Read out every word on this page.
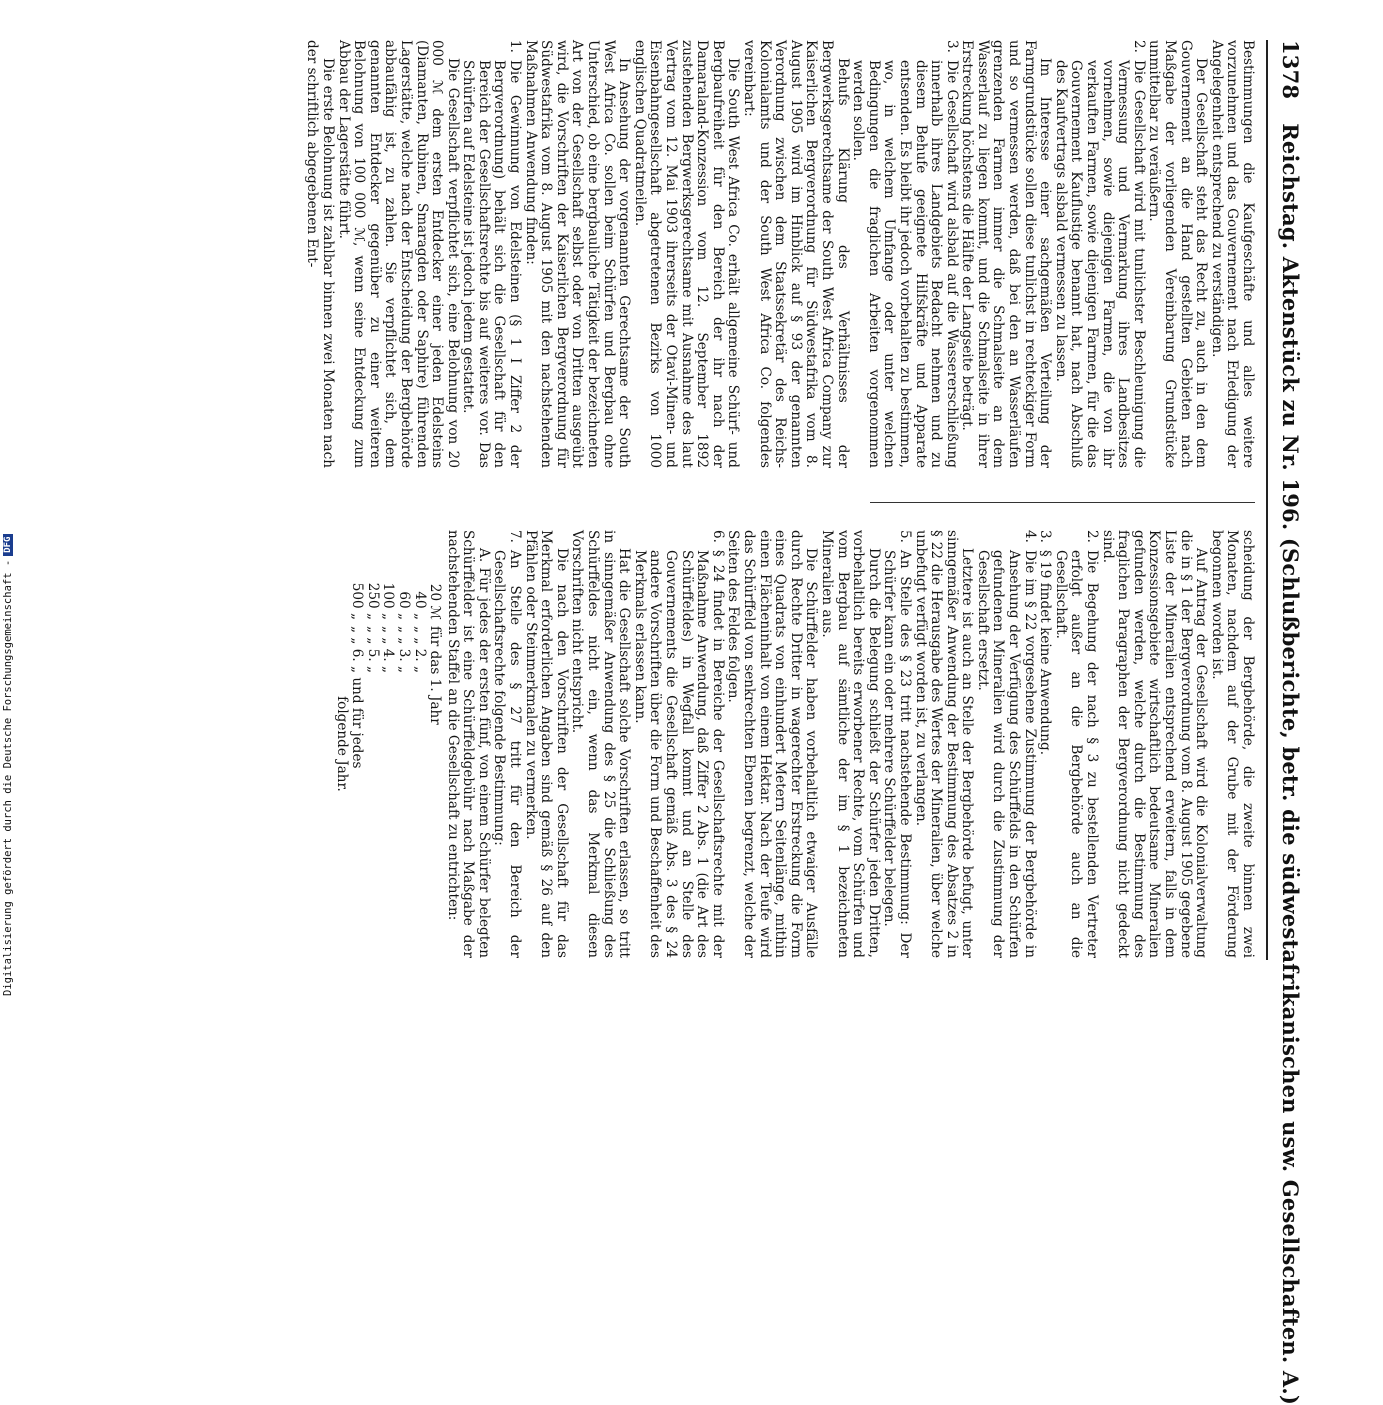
1378
Reichstag. Aktenstück zu Nr. 196. (Schlußberichte, betr. die südwestafrikanischen usw. Gesellschaften. A.)

Bestimmungen die Kaufgeschäfte und alles weitere vorzunehmen und das Gouvernement nach Erledigung der Angelegenheit entsprechend zu verständigen.

Der Gesellschaft steht das Recht zu, auch in den dem Gouvernement an die Hand gestellten Gebieten nach Maßgabe der vorliegenden Vereinbarung Grundstücke unmittelbar zu veräußern.

2.
Die Gesellschaft wird mit tunlichster Beschleunigung die Vermessung und Vermarkung ihres Landbesitzes vornehmen, sowie diejenigen Farmen, die von ihr verkauften Farmen, sowie diejenigen Farmen, für die das Gouvernement Kauflustige benannt hat, nach Abschluß des Kaufvertrags alsbald vermessen zu lassen.

Im Interesse einer sachgemäßen Verteilung der Farmgrundstücke sollen diese tunlichst in rechteckiger Form und so vermessen werden, daß bei den an Wasserläufen grenzenden Farmen immer die Schmalseite an dem Wasserlauf zu liegen kommt, und die Schmalseite in ihrer Erstreckung höchstens die Hälfte der Langseite beträgt.

3.
Die Gesellschaft wird alsbald auf die Wassererschließung innerhalb ihres Landgebiets Bedacht nehmen und zu diesem Behufe geeignete Hilfskräfte und Apparate entsenden. Es bleibt ihr jedoch vorbehalten zu bestimmen, wo, in welchem Umfange oder unter welchen Bedingungen die fraglichen Arbeiten vorgenommen werden sollen.

Behufs Klärung des Verhältnisses der Bergwerksgerechtsame der South West Africa Company zur Kaiserlichen Bergverordnung für Südwestafrika vom 8. August 1905 wird im Hinblick auf § 93 der genannten Verordnung zwischen dem Staatssekretär des Reichs-Kolonialamts und der South West Africa Co. folgendes vereinbart:

Die South West Africa Co. erhält allgemeine Schürf- und Bergbaufreiheit für den Bereich der ihr nach der Damaraland-Konzession vom 12. September 1892 zustehenden Bergwerksgerechtsame mit Ausnahme des laut Vertrag vom 12. Mai 1903 ihrerseits der Otavi-Minen- und Eisenbahngesellschaft abgetretenen Bezirks von 1000 englischen Quadratmeilen.

In Ansehung der vorgenannten Gerechtsame der South West Africa Co. sollen beim Schürfen und Bergbau ohne Unterschied, ob eine bergbauliche Tätigkeit der bezeichneten Art von der Gesellschaft selbst oder von Dritten ausgeübt wird, die Vorschriften der Kaiserlichen Bergverordnung für Südwestafrika vom 8. August 1905 mit den nachstehenden Maßnahmen Anwendung finden:

1.
Die Gewinnung von Edelsteinen (§ 1 I Ziffer 2 der Bergverordnung) behält sich die Gesellschaft für den Bereich der Gesellschaftsrechte bis auf weiteres vor. Das Schürfen auf Edelsteine ist jedoch jedem gestattet.

Die Gesellschaft verpflichtet sich, eine Belohnung von 20 000 ℳ dem ersten Entdecker einer jeden Edelsteins (Diamanten, Rubinen, Smaragden oder Saphire) führenden Lagerstätte, welche nach der Entscheidung der Bergbehörde abbaufähig ist, zu zahlen. Sie verpflichtet sich, dem genannten Entdecker gegenüber zu einer weiteren Belohnung von 100 000 ℳ, wenn seine Entdeckung zum Abbau der Lagerstätte führt.

Die erste Belohnung ist zahlbar binnen zwei Monaten nach der schriftlich abgegebenen Ent-

scheidung der Bergbehörde, die zweite binnen zwei Monaten, nachdem auf der Grube mit der Förderung begonnen worden ist.

Auf Antrag der Gesellschaft wird die Kolonialverwaltung die in § 1 der Bergverordnung vom 8. August 1905 gegebene Liste der Mineralien entsprechend erweitern, falls in dem Konzessionsgebiete wirtschaftlich bedeutsame Mineralien gefunden werden, welche durch die Bestimmung des fraglichen Paragraphen der Bergverordnung nicht gedeckt sind.

2.
Die Begehung der nach § 3 zu bestellenden Vertreter erfolgt außer an die Bergbehörde auch an die Gesellschaft.
3.
§ 19 findet keine Anwendung.
4.
Die im § 22 vorgesehene Zustimmung der Bergbehörde in Ansehung der Verfügung des Schürffelds in den Schürfen gefundenen Mineralien wird durch die Zustimmung der Gesellschaft ersetzt.

Letztere ist auch an Stelle der Bergbehörde befugt, unter sinngemäßer Anwendung der Bestimmung des Absatzes 2 in § 22 die Herausgabe des Wertes der Mineralien, über welche unbefugt verfügt worden ist, zu verlangen.

5.
An Stelle des § 23 tritt nachstehende Bestimmung: Der Schürfer kann ein oder mehrere Schürffelder belegen.

Durch die Belegung schließt der Schürfer jeden Dritten, vorbehaltlich bereits erworbener Rechte, vom Schürfen und vom Bergbau auf sämtliche der im § 1 bezeichneten Mineralien aus.

Die Schürffelder haben vorbehaltlich etwaiger Ausfälle durch Rechte Dritter in wagerechter Erstreckung die Form eines Quadrats von einhundert Metern Seitenlänge, mithin einen Flächeninhalt von einem Hektar. Nach der Teufe wird das Schürffeld von senkrechten Ebenen begrenzt, welche der Seiten des Feldes folgen.

6.
§ 24 findet in Bereiche der Gesellschaftsrechte mit der Maßnahme Anwendung, daß Ziffer 2 Abs. 1 (die Art des Schürffeldes) in Wegfall kommt und an Stelle des Gouvernements die Gesellschaft gemäß Abs. 3 des § 24 andere Vorschriften über die Form und Beschaffenheit des Merkmals erlassen kann.

Hat die Gesellschaft solche Vorschriften erlassen, so tritt in sinngemäßer Anwendung des § 25 die Schließung des Schürffeldes nicht ein, wenn das Merkmal diesen Vorschriften nicht entspricht.

Die nach den Vorschriften der Gesellschaft für das Merkmal erforderlichen Angaben sind gemäß § 26 auf den Pfählen oder Steinmerkmalen zu vermerken.

7.
An Stelle des § 27 tritt für den Bereich der Gesellschaftsrechte folgende Bestimmung:

A. Für jedes der ersten fünf, von einem Schürfer belegten Schürffelder ist eine Schürffeldgebühr nach Maßgabe der nachstehenden Staffel an die Gesellschaft zu entrichten:

20 ℳ
für das 1. Jahr
40 „
„ „ 2. „
60 „
„ „ 3. „
100 „
„ „ 4. „
250 „
„ „ 5. „
500 „
„ „ 6. „ und für jedes

folgende Jahr.

Digitalisierung gefördert durch die Deutsche Forschungsgemeinschaft -
DFG
